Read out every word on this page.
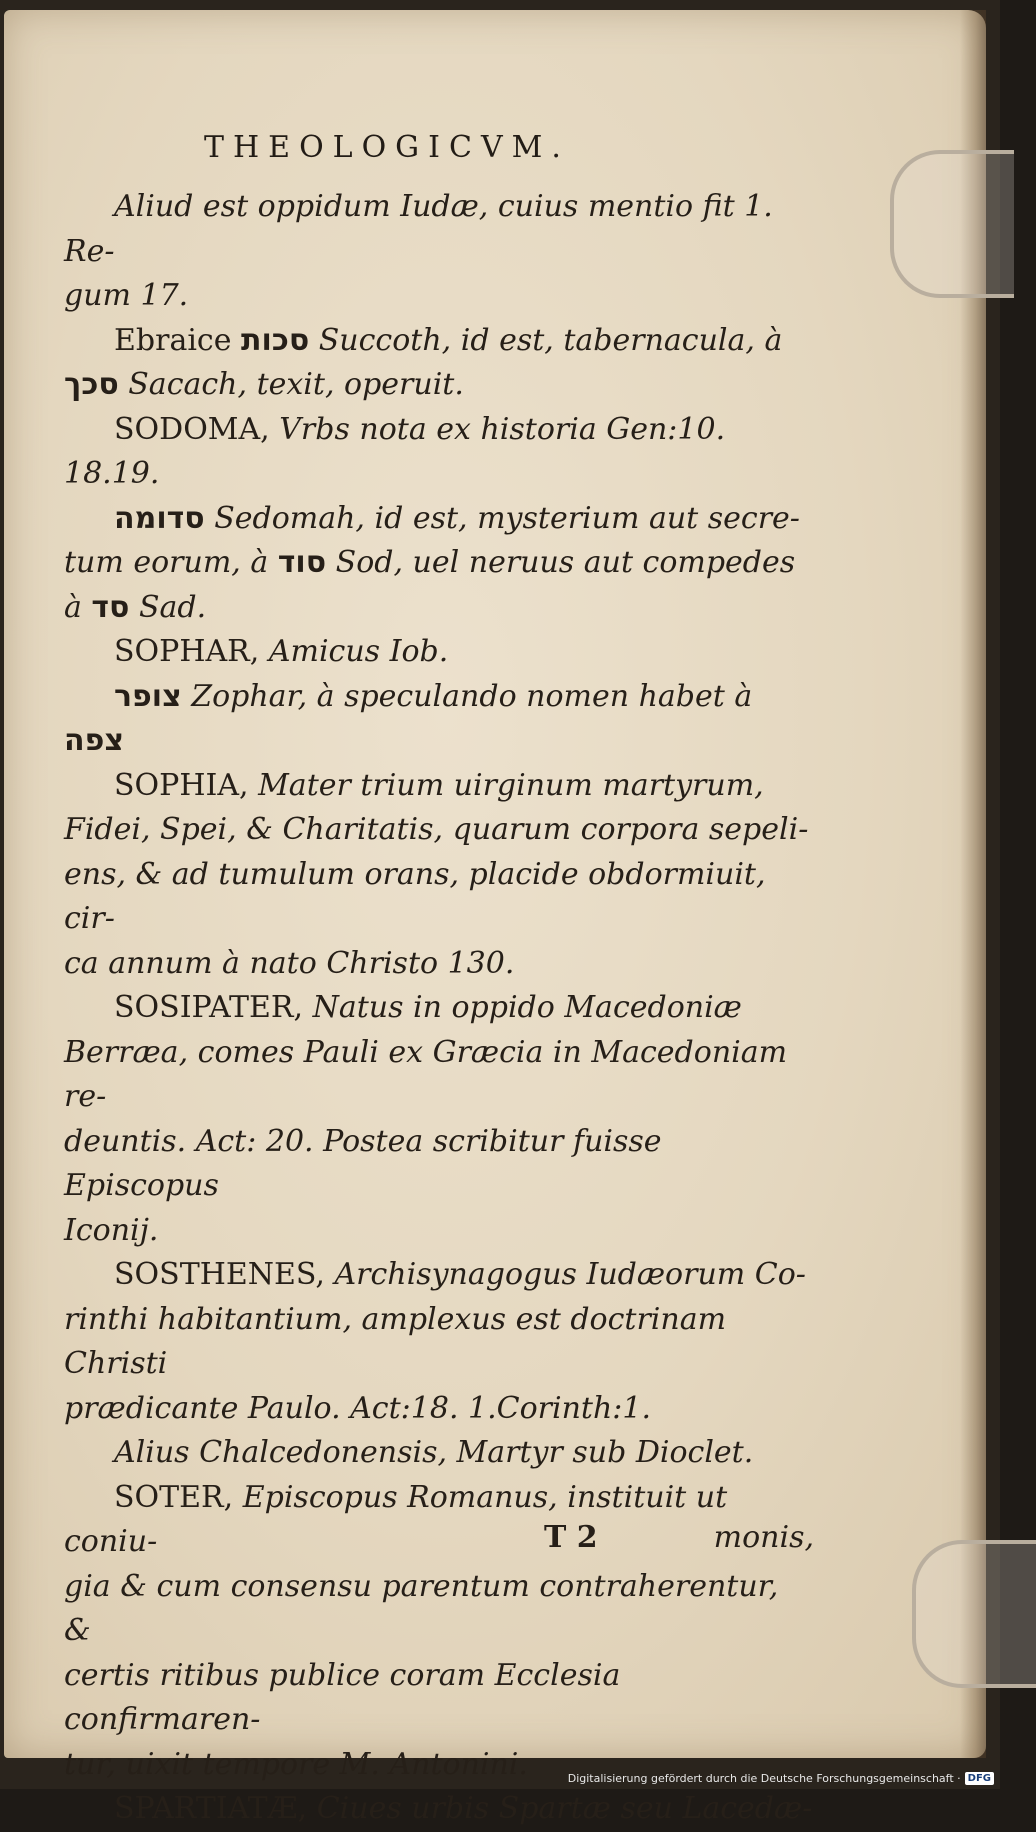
THEOLOGICVM.
Aliud est oppidum Iudæ, cuius mentio fit 1. Re-
gum 17.
Ebraice סכות Succoth, id est, tabernacula, à
סכך Sacach, texit, operuit.
SODOMA, Vrbs nota ex historia Gen:10. 18.19.
סדומה Sedomah, id est, mysterium aut secre-
tum eorum, à סוד Sod, uel neruus aut compedes
à סד Sad.
SOPHAR, Amicus Iob.
צופר Zophar, à speculando nomen habet à
צפה
SOPHIA, Mater trium uirginum martyrum,
Fidei, Spei, & Charitatis, quarum corpora sepeli-
ens, & ad tumulum orans, placide obdormiuit, cir-
ca annum à nato Christo 130.
SOSIPATER, Natus in oppido Macedoniæ
Berræa, comes Pauli ex Græcia in Macedoniam re-
deuntis. Act: 20. Postea scribitur fuisse Episcopus
Iconij.
SOSTHENES, Archisynagogus Iudæorum Co-
rinthi habitantium, amplexus est doctrinam Christi
prædicante Paulo. Act:18. 1.Corinth:1.
Alius Chalcedonensis, Martyr sub Dioclet.
SOTER, Episcopus Romanus, instituit ut coniu-
gia & cum consensu parentum contraherentur, &
certis ritibus publice coram Ecclesia confirmaren-
tur, uixit tempore M. Antonini.
SPARTIATÆ, Ciues urbis Spartæ seu Lacedæ-
T 2	monis,
Digitalisierung gefördert durch die Deutsche Forschungsgemeinschaft · DFG
